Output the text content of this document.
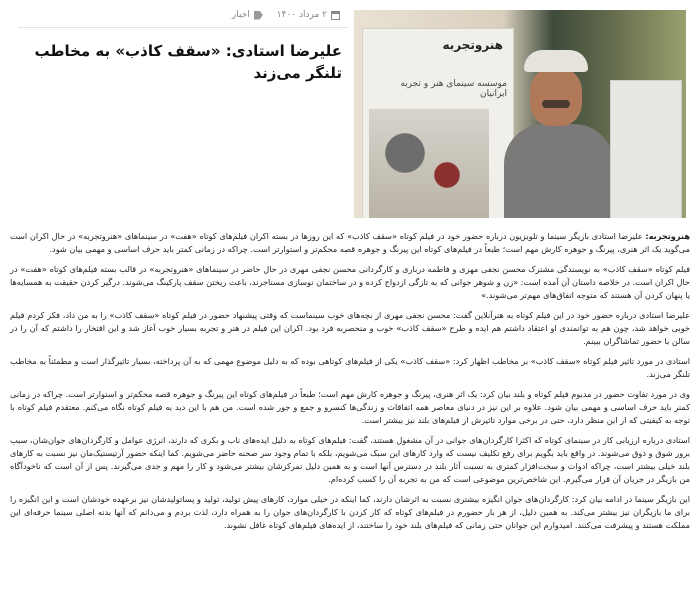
۲ مرداد ۱۴۰۰
اخبار
علیرضا استادی: «سقف کاذب» به مخاطب تلنگر می‌زند
هنروتجربه
موسسه سینمای هنر و تجربه ایرانیان

هنروتجربه: علیرضا استادی بازیگر سینما و تلویزیون درباره حضور خود در فیلم کوتاه «سقف کاذب» که این روزها در بسته اکران فیلم‌های کوتاه «هفت» در سینماهای «هنروتجربه» در حال اکران است می‌گوید یک اثر هنری، پیرنگ و جوهره کارش مهم است؛ طبعاً در فیلم‌های کوتاه این پیرنگ و جوهره قصه محکم‌تر و استوارتر است. چراکه در زمانی کمتر باید حرف اساسی و مهمی بیان شود.

فیلم کوتاه «سقف کاذب» به نویسندگی مشترک محسن نجفی مهری و فاطمه درباری و کارگردانی محسن نجفی مهری در حال حاضر در سینماهای «هنروتجربه» در قالب بسته فیلم‌های کوتاه «هفت» در حال اکران است. در خلاصه داستان آن آمده است: «زن و شوهر جوانی که به تازگی ازدواج کرده و در ساختمان نوسازی مستاجرند، باعث ریختن سقف پارکینگ می‌شوند. درگیر کردن حقیقت به همسایه‌ها یا پنهان کردن آن هستند که متوجه اتفاق‌های مهم‌تر می‌شوند.»

علیرضا استادی درباره حضور خود در این فیلم کوتاه به هنرآنلاین گفت: محسن نجفی مهری از بچه‌های خوب سینماست که وقتی پیشنهاد حضور در فیلم کوتاه «سقف کاذب» را به من داد، فکر کردم فیلم خوبی خواهد شد، چون هم به توانمندی او اعتقاد داشتم هم ایده و طرح «سقف کاذب» خوب و منحصربه فرد بود. اکران این فیلم در هنر و تجربه بسیار خوب آغاز شد و این افتخار را داشتم که آن را در سالن با حضور تماشاگران ببینم.

استادی در مورد تاثیر فیلم کوتاه «سقف کاذب» بر مخاطب اظهار کرد: «سقف کاذب» یکی از فیلم‌های کوتاهی بوده که به دلیل موضوع مهمی که به آن پرداخته، بسیار تاثیرگذار است و مطمئناً به مخاطب تلنگر می‌زند.

وی در مورد تفاوت حضور در مدیوم فیلم کوتاه و بلند بیان کرد: یک اثر هنری، پیرنگ و جوهره کارش مهم است؛ طبعاً در فیلم‌های کوتاه این پیرنگ و جوهره قصه محکم‌تر و استوارتر است. چراکه در زمانی کمتر باید حرف اساسی و مهمی بیان شود. علاوه بر این نیز در دنیای معاصر همه اتفاقات و زندگی‌ها کنسرو و جمع و جور شده است. من هم با این دید به فیلم کوتاه نگاه می‌کنم. معتقدم فیلم کوتاه با توجه به کیفیتی که از این منظر دارد، حتی در برخی موارد تاثیرش از فیلم‌های بلند نیز بیشتر است.

استادی درباره ارزیابی کار در سینمای کوتاه که اکثرا کارگردان‌های جوانی در آن مشغول هستند، گفت: فیلم‌های کوتاه به دلیل ایده‌های ناب و بکری که دارند، انرژی عوامل و کارگردان‌های جوان‌شان، سبب بروز شوق و ذوق می‌شوند. در واقع باید بگویم برای رفع تکلیف نیست که وارد کارهای این سبک می‌شویم، بلکه با تمام وجود سر صحنه حاضر می‌شویم. کما اینکه حضور آرتیستیک‌مان نیز نسبت به کارهای بلند خیلی بیشتر است، چراکه ادوات و سخت‌افزار کمتری به نسبت آثار بلند در دسترس آنها است و به همین دلیل تمرکزشان بیشتر می‌شود و کار را مهم و جدی می‌گیرند. پس از آن است که ناخودآگاه من بازیگر در جریان آن قرار می‌گیرم. این شاخص‌ترین موضوعی است که من به تجربه آن را کسب کرده‌ام.

این بازیگر سینما در ادامه بیان کرد: کارگردان‌های جوان انگیزه بیشتری نسبت به اثرشان دارند، کما اینکه در خیلی موارد، کارهای پیش تولید، تولید و پساتولیدشان نیز برعهده خودشان است و این انگیزه را برای ما بازیگران نیز بیشتر می‌کند. به همین دلیل، از هر بار حضورم در فیلم‌های کوتاه که کار کردن با کارگردان‌های جوان را به همراه دارد، لذت بردم و می‌دانم که آنها بدنه اصلی سینما حرفه‌ای این مملکت هستند و پیشرفت می‌کنند. امیدوارم این جوانان حتی زمانی که فیلم‌های بلند خود را ساختند، از ایده‌های فیلم‌های کوتاه غافل نشوند.
